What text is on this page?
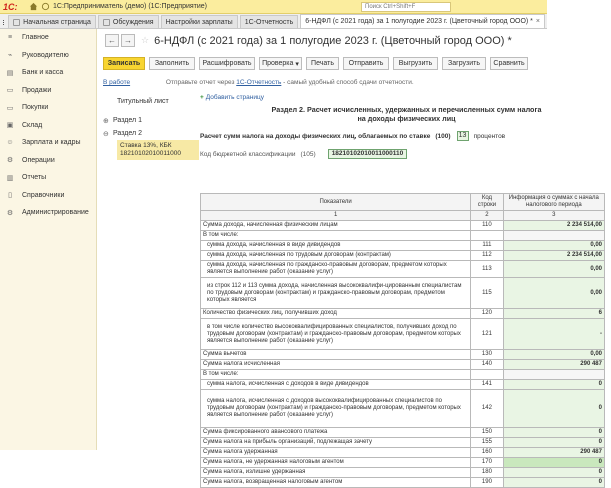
1С:	1С:Предприниматель (демо) (1С:Предприятие)	Поиск Ctrl+Shift+F
Начальная страница	Обсуждения Настройки зарплаты 1С-Отчетность 6-НДФЛ (с 2021 года) за 1 полугодие 2023 г. (Цветочный город ООО) * ×
≡ Главное
⌁ Руководителю
▤ Банк и касса
▭ Продажи
▭ Покупки
▣ Склад
☺ Зарплата и кадры
⚙ Операции
▥ Отчеты
▯ Справочники
⚙ Администрирование
← → ☆ 6-НДФЛ (с 2021 года) за 1 полугодие 2023 г. (Цветочный город ООО) *
Записать	Заполнить	Расшифровать	Проверка ▾	Печать	Отправить	Выгрузить	Загрузить	Сравнить
В работе	Отправьте отчет через 1С-Отчетность - самый удобный способ сдачи отчетности.
Титульный лист
⊕ Раздел 1
⊖ Раздел 2
Ставка 13%, КБК
18210102010011000
+ Добавить страницу
Раздел 2. Расчет исчисленных, удержанных и перечисленных сумм налога
на доходы физических лиц
Расчет сумм налога на доходы физических лиц, облагаемых по ставке (100) 13	процентов
Код бюджетной классификации (105)	18210102010011000110
Показатели	Код строки	Информация о суммах с начала налогового периода
1	2	3
Сумма дохода, начисленная физическим лицам	110	2 234 514,00
В том числе:		
сумма дохода, начисленная в виде дивидендов	111	0,00
сумма дохода, начисленная по трудовым договорам (контрактам)	112	2 234 514,00
сумма дохода, начисленная по гражданско-правовым договорам, предметом которых является выполнение работ (оказание услуг)	113	0,00
из строк 112 и 113 сумма дохода, начисленная высококвалифи-цированным специалистам по трудовым договорам (контрактам) и гражданско-правовым договорам, предметом которых является	115	0,00
Количество физических лиц, получивших доход	120	6
в том числе количество высококвалифицированных специалистов, получивших доход по трудовым договорам (контрактам) и гражданско-правовым договорам, предметом которых является выполнение работ (оказание услуг)	121	-
Сумма вычетов	130	0,00
Сумма налога исчисленная	140	290 487
В том числе:		
сумма налога, исчисленная с доходов в виде дивидендов	141	0
сумма налога, исчисленная с доходов высококвалифицированных специалистов по трудовым договорам (контрактам) и гражданско-правовым договорам, предметом которых является выполнение работ (оказание услуг)	142	0
Сумма фиксированного авансового платежа	150	0
Сумма налога на прибыль организаций, подлежащая зачету	155	0
Сумма налога удержанная	160	290 487
Сумма налога, не удержанная налоговым агентом	170	0
Сумма налога, излишне удержанная	180	0
Сумма налога, возвращенная налоговым агентом	190	0
